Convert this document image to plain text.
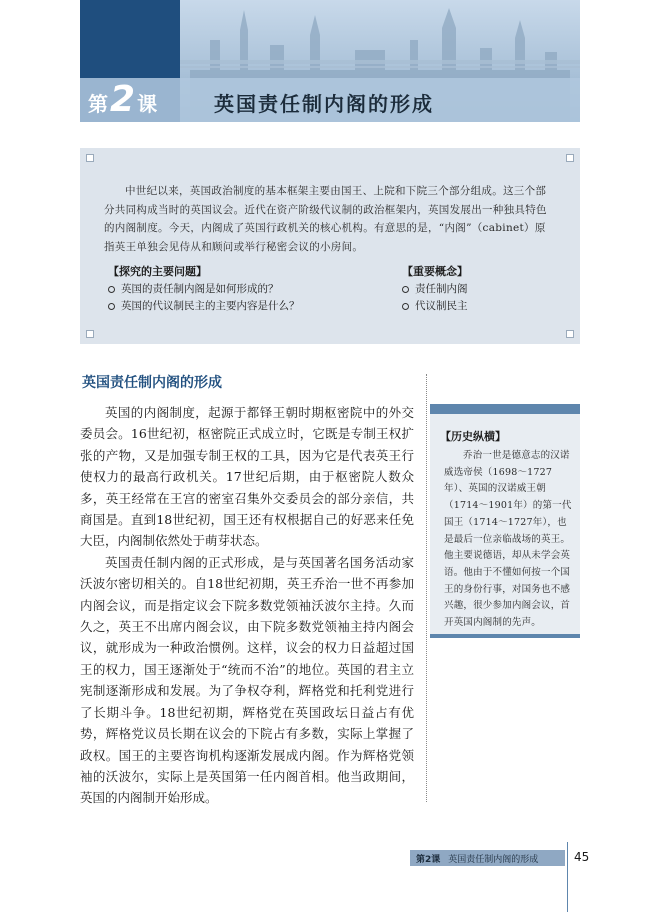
第 2 课	英国责任制内阁的形成

中世纪以来，英国政治制度的基本框架主要由国王、上院和下院三个部分组成。这三个部分共同构成当时的英国议会。近代在资产阶级代议制的政治框架内，英国发展出一种独具特色的内阁制度。今天，内阁成了英国行政机关的核心机构。有意思的是，“内阁”（cabinet）原指英王单独会见侍从和顾问或举行秘密会议的小房间。

【探究的主要问题】
英国的责任制内阁是如何形成的？
英国的代议制民主的主要内容是什么？
【重要概念】
责任制内阁
代议制民主
英国责任制内阁的形成

英国的内阁制度，起源于都铎王朝时期枢密院中的外交委员会。16世纪初，枢密院正式成立时，它既是专制王权扩张的产物，又是加强专制王权的工具，因为它是代表英王行使权力的最高行政机关。17世纪后期，由于枢密院人数众多，英王经常在王宫的密室召集外交委员会的部分亲信，共商国是。直到18世纪初，国王还有权根据自己的好恶来任免大臣，内阁制依然处于萌芽状态。

英国责任制内阁的正式形成，是与英国著名国务活动家沃波尔密切相关的。自18世纪初期，英王乔治一世不再参加内阁会议，而是指定议会下院多数党领袖沃波尔主持。久而久之，英王不出席内阁会议，由下院多数党领袖主持内阁会议，就形成为一种政治惯例。这样，议会的权力日益超过国王的权力，国王逐渐处于“统而不治”的地位。英国的君主立宪制逐渐形成和发展。为了争权夺利，辉格党和托利党进行了长期斗争。18世纪初期，辉格党在英国政坛日益占有优势，辉格党议员长期在议会的下院占有多数，实际上掌握了政权。国王的主要咨询机构逐渐发展成内阁。作为辉格党领袖的沃波尔，实际上是英国第一任内阁首相。他当政期间，英国的内阁制开始形成。

【历史纵横】

乔治一世是德意志的汉诺威选帝侯（1698～1727年）、英国的汉诺威王朝（1714～1901年）的第一代国王（1714～1727年），也是最后一位亲临战场的英王。他主要说德语，却从未学会英语。他由于不懂如何按一个国王的身份行事，对国务也不感兴趣，很少参加内阁会议，首开英国内阁制的先声。

第2课 英国责任制内阁的形成	45
